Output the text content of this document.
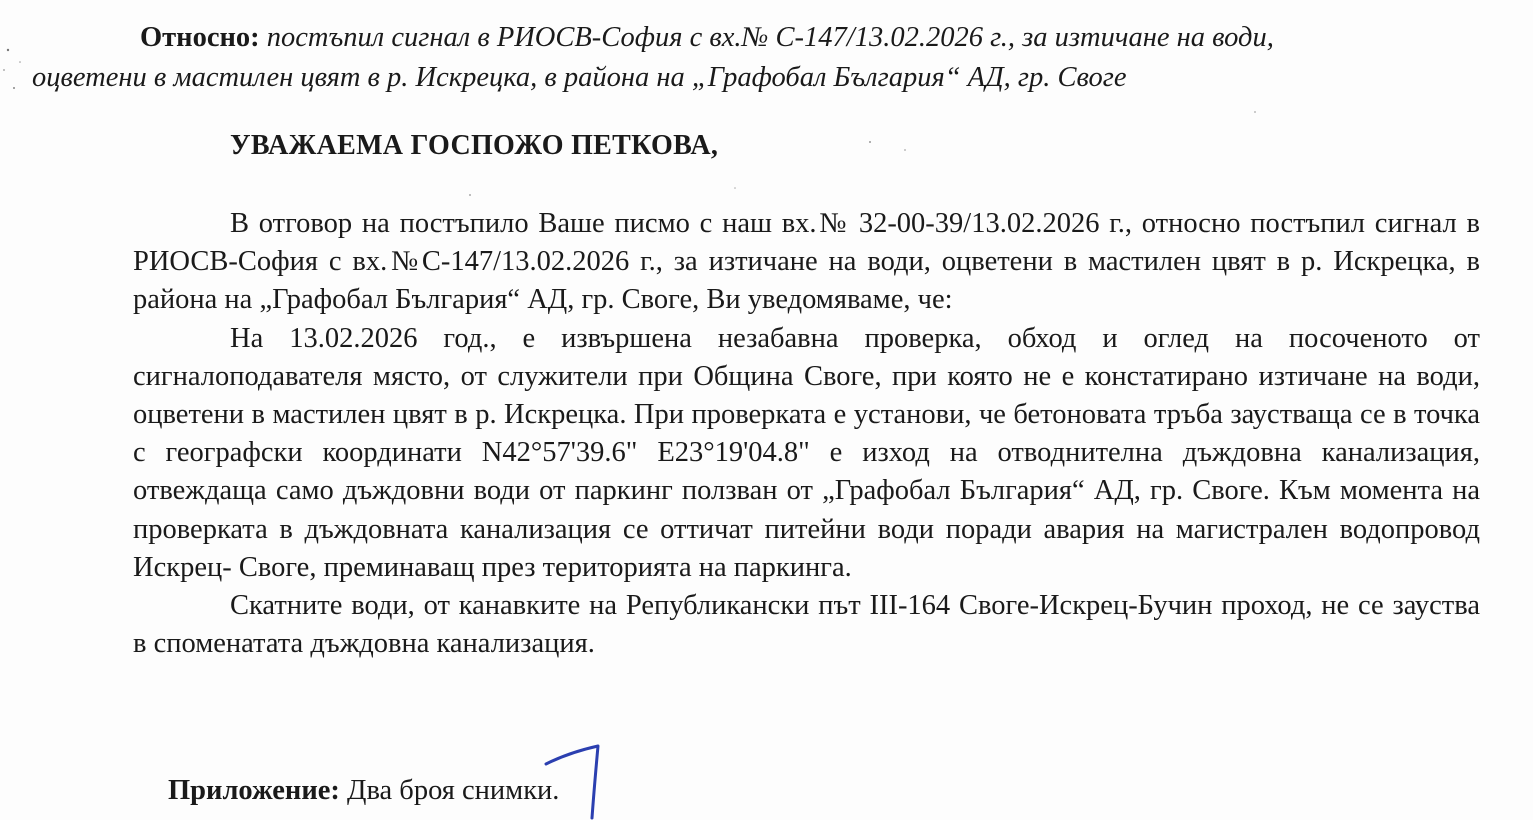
Относно: постъпил сигнал в РИОСВ-София с вх.№ С-147/13.02.2026 г., за изтичане на води,
оцветени в мастилен цвят в р. Искрецка, в района на „Графобал България“ АД, гр. Своге
УВАЖАЕМА ГОСПОЖО ПЕТКОВА,

В отговор на постъпило Ваше писмо с наш вх.№ 32-00-39/13.02.2026 г., относно постъпил сигнал в РИОСВ-София с вх.№С-147/13.02.2026 г., за изтичане на води, оцветени в мастилен цвят в р. Искрецка, в района на „Графобал България“ АД, гр. Своге, Ви уведомяваме, че:

На 13.02.2026 год., е извършена незабавна проверка, обход и оглед на посоченото от сигналоподавателя място, от служители при Община Своге, при която не е констатирано изтичане на води, оцветени в мастилен цвят в р. Искрецка. При проверката е установи, че бетоновата тръба заустваща се в точка с географски координати N42°57'39.6" E23°19'04.8" е изход на отводнителна дъждовна канализация, отвеждаща само дъждовни води от паркинг ползван от „Графобал България“ АД, гр. Своге. Към момента на проверката в дъждовната канализация се оттичат питейни води поради авария на магистрален водопровод Искрец- Своге, преминаващ през територията на паркинга.

Скатните води, от канавките на Републикански път III-164 Своге-Искрец-Бучин проход, не се зауства в споменатата дъждовна канализация.

Приложение: Два броя снимки.
